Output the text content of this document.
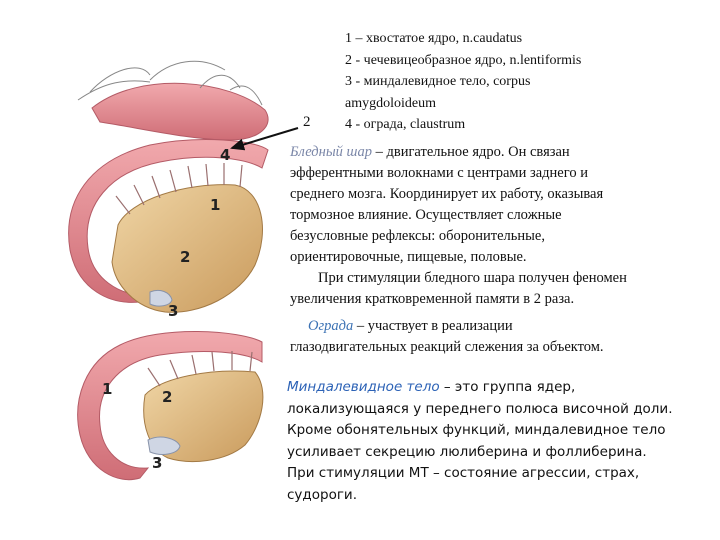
4
1
2
3
1	2
3
1 – хвостатое ядро, n.caudatus
2 - чечевицеобразное ядро, n.lentiformis
3 - миндалевидное тело, corpus
amygdoloideum
4 - ограда, claustrum
2
Бледный шар – двигательное ядро. Он связан
эфферентными волокнами с центрами заднего и
среднего мозга. Координирует их работу, оказывая
тормозное влияние. Осуществляет сложные
безусловные рефлексы: оборонительные,
ориентировочные, пищевые, половые.
При стимуляции бледного шара получен феномен
увеличения кратковременной памяти в 2 раза.
Ограда – участвует в реализации
глазодвигательных реакций слежения за объектом.
Миндалевидное тело – это группа ядер,
локализующаяся у переднего полюса височной доли.
Кроме обонятельных функций, миндалевидное тело
усиливает секрецию люлиберина и фоллиберина.
При стимуляции МТ – состояние агрессии, страх,
судороги.
